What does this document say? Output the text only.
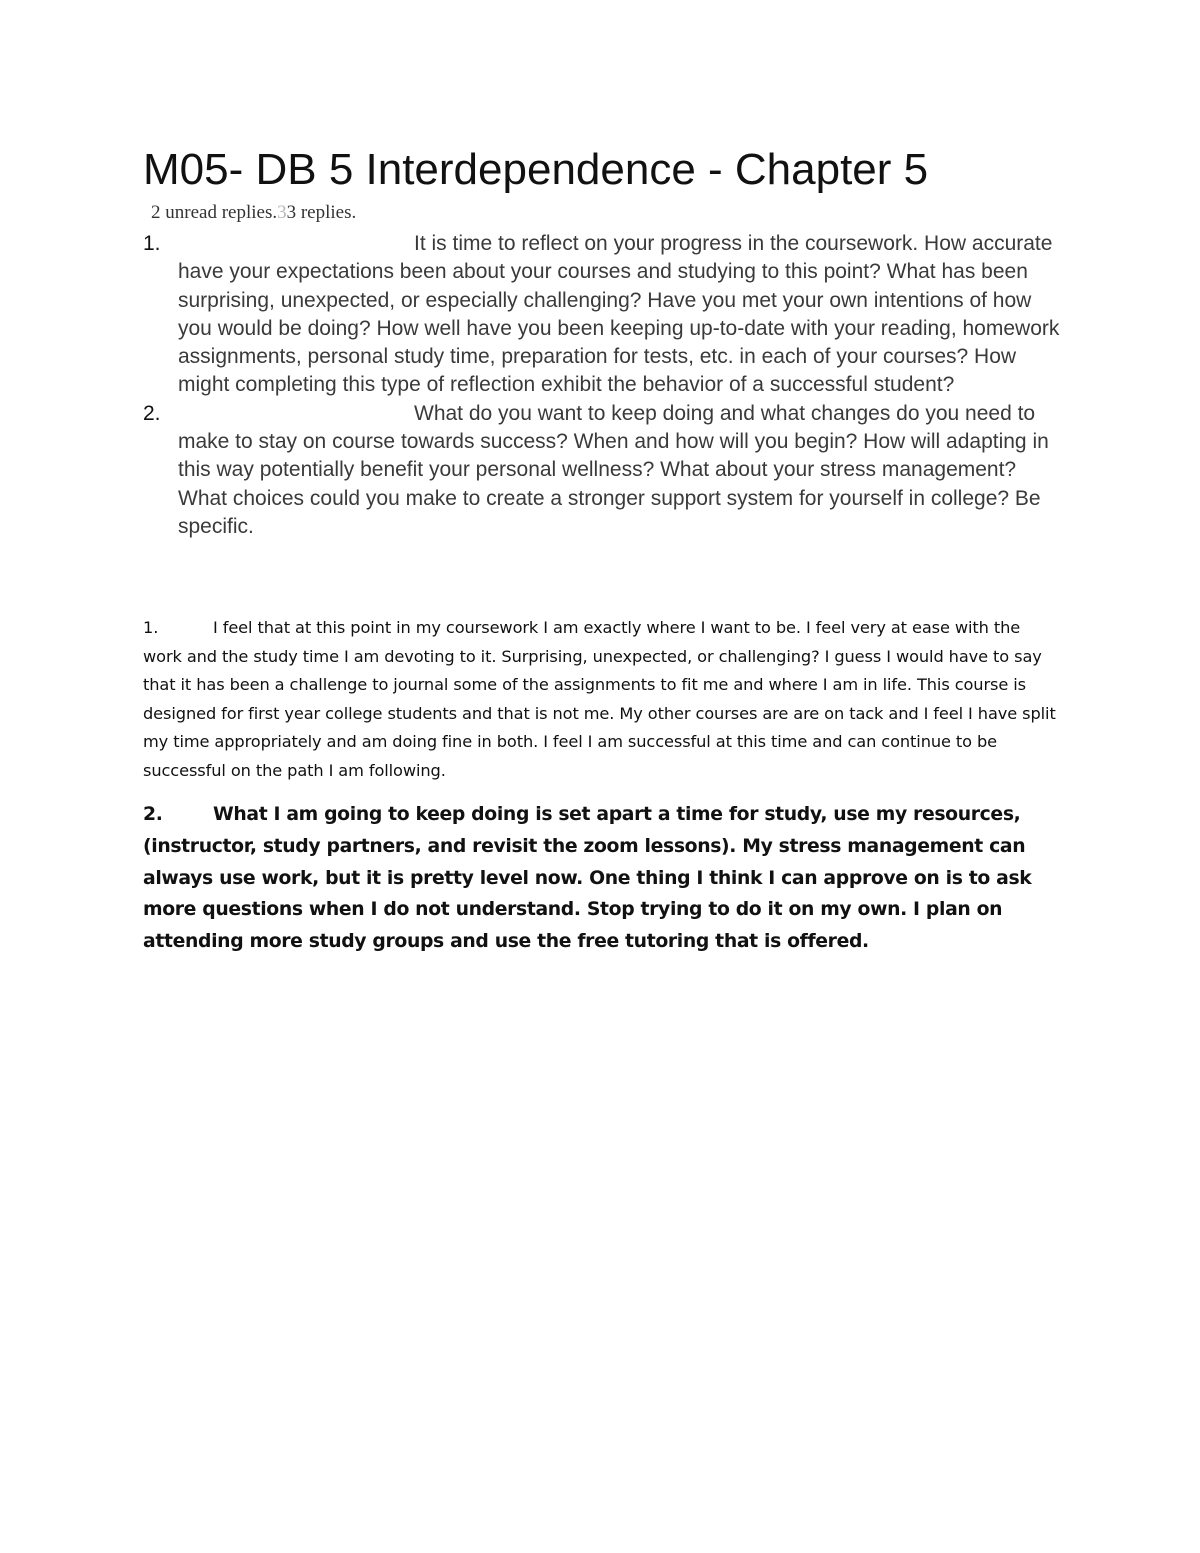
M05- DB 5 Interdependence - Chapter 5
2 unread replies.33 replies.
1.	It is time to reflect on your progress in the coursework. How accurate have your expectations been about your courses and studying to this point? What has been surprising, unexpected, or especially challenging? Have you met your own intentions of how you would be doing? How well have you been keeping up-to-date with your reading, homework assignments, personal study time, preparation for tests, etc. in each of your courses? How might completing this type of reflection exhibit the behavior of a successful student?
2.	What do you want to keep doing and what changes do you need to make to stay on course towards success? When and how will you begin? How will adapting in this way potentially benefit your personal wellness? What about your stress management? What choices could you make to create a stronger support system for yourself in college? Be specific.

1.	I feel that at this point in my coursework I am exactly where I want to be. I feel very at ease with the work and the study time I am devoting to it. Surprising, unexpected, or challenging? I guess I would have to say that it has been a challenge to journal some of the assignments to fit me and where I am in life. This course is designed for first year college students and that is not me. My other courses are are on tack and I feel I have split my time appropriately and am doing fine in both. I feel I am successful at this time and can continue to be successful on the path I am following.

2.	What I am going to keep doing is set apart a time for study, use my resources, (instructor, study partners, and revisit the zoom lessons). My stress management can always use work, but it is pretty level now. One thing I think I can approve on is to ask more questions when I do not understand. Stop trying to do it on my own. I plan on attending more study groups and use the free tutoring that is offered.
